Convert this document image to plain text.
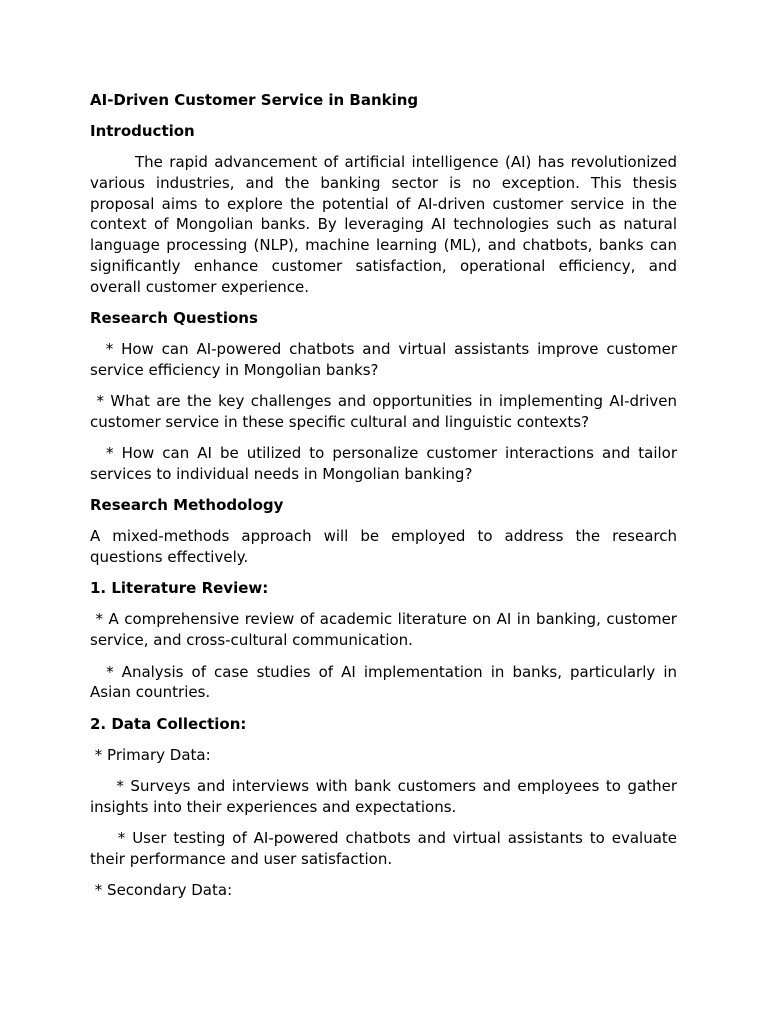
AI-Driven Customer Service in Banking
Introduction

The rapid advancement of artificial intelligence (AI) has revolutionized various industries, and the banking sector is no exception. This thesis proposal aims to explore the potential of AI-driven customer service in the context of Mongolian banks. By leveraging AI technologies such as natural language processing (NLP), machine learning (ML), and chatbots, banks can significantly enhance customer satisfaction, operational efficiency, and overall customer experience.

Research Questions

* How can AI-powered chatbots and virtual assistants improve customer service efficiency in Mongolian banks?

* What are the key challenges and opportunities in implementing AI-driven customer service in these specific cultural and linguistic contexts?

* How can AI be utilized to personalize customer interactions and tailor services to individual needs in Mongolian banking?

Research Methodology

A mixed-methods approach will be employed to address the research questions effectively.

1. Literature Review:

* A comprehensive review of academic literature on AI in banking, customer service, and cross-cultural communication.

* Analysis of case studies of AI implementation in banks, particularly in Asian countries.

2. Data Collection:

* Primary Data:

* Surveys and interviews with bank customers and employees to gather insights into their experiences and expectations.

* User testing of AI-powered chatbots and virtual assistants to evaluate their performance and user satisfaction.

* Secondary Data:
